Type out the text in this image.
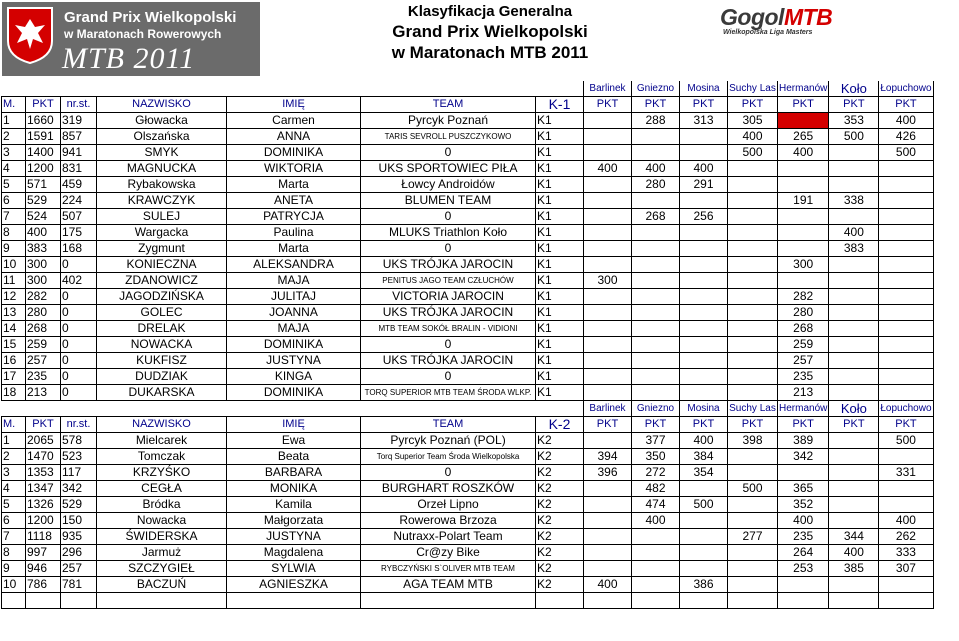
Grand Prix Wielkopolski
w Maratonach Rowerowych
MTB 2011
Klasyfikacja Generalna
Grand Prix Wielkopolski
w Maratonach MTB 2011
GogolMTB
Wielkopolska Liga Masters
							Barlinek	Gniezno	Mosina	Suchy Las	Hermanów	Koło	Łopuchowo
M.	PKT	nr.st.	NAZWISKO	IMIĘ	TEAM	K-1	PKT	PKT	PKT	PKT	PKT	PKT	PKT
1	1660	319	Głowacka	Carmen	Pyrcyk Poznań	K1		288	313	305		353	400
2	1591	857	Olszańska	ANNA	TARIS SEVROLL PUSZCZYKOWO	K1				400	265	500	426
3	1400	941	SMYK	DOMINIKA	0	K1				500	400		500
4	1200	831	MAGNUCKA	WIKTORIA	UKS SPORTOWIEC PIŁA	K1	400	400	400				
5	571	459	Rybakowska	Marta	Łowcy Androidów	K1		280	291				
6	529	224	KRAWCZYK	ANETA	BLUMEN TEAM	K1					191	338	
7	524	507	SULEJ	PATRYCJA	0	K1		268	256				
8	400	175	Wargacka	Paulina	MLUKS Triathlon Koło	K1						400	
9	383	168	Zygmunt	Marta	0	K1						383	
10	300	0	KONIECZNA	ALEKSANDRA	UKS TRÓJKA JAROCIN	K1					300		
11	300	402	ZDANOWICZ	MAJA	PENITUS JAGO TEAM CZŁUCHÓW	K1	300						
12	282	0	JAGODZIŃSKA	JULITAJ	VICTORIA JAROCIN	K1					282		
13	280	0	GOLEC	JOANNA	UKS TRÓJKA JAROCIN	K1					280		
14	268	0	DRELAK	MAJA	MTB TEAM SOKÓŁ BRALIN - VIDIONI	K1					268		
15	259	0	NOWACKA	DOMINIKA	0	K1					259		
16	257	0	KUKFISZ	JUSTYNA	UKS TRÓJKA JAROCIN	K1					257		
17	235	0	DUDZIAK	KINGA	0	K1					235		
18	213	0	DUKARSKA	DOMINIKA	TORQ SUPERIOR MTB TEAM ŚRODA WLKP.	K1					213		
							Barlinek	Gniezno	Mosina	Suchy Las	Hermanów	Koło	Łopuchowo
M.	PKT	nr.st.	NAZWISKO	IMIĘ	TEAM	K-2	PKT	PKT	PKT	PKT	PKT	PKT	PKT
1	2065	578	Mielcarek	Ewa	Pyrcyk Poznań (POL)	K2		377	400	398	389		500
2	1470	523	Tomczak	Beata	Torq Superior Team Środa Wielkopolska	K2	394	350	384		342		
3	1353	117	KRZYŚKO	BARBARA	0	K2	396	272	354				331
4	1347	342	CEGŁA	MONIKA	BURGHART ROSZKÓW	K2		482		500	365		
5	1326	529	Bródka	Kamila	Orzeł Lipno	K2		474	500		352		
6	1200	150	Nowacka	Małgorzata	Rowerowa Brzoza	K2		400			400		400
7	1118	935	ŚWIDERSKA	JUSTYNA	Nutraxx-Polart Team	K2				277	235	344	262
8	997	296	Jarmuż	Magdalena	Cr@zy Bike	K2					264	400	333
9	946	257	SZCZYGIEŁ	SYLWIA	RYBCZYŃSKI S`OLIVER MTB TEAM	K2					253	385	307
10	786	781	BACZUŃ	AGNIESZKA	AGA TEAM MTB	K2	400		386				
